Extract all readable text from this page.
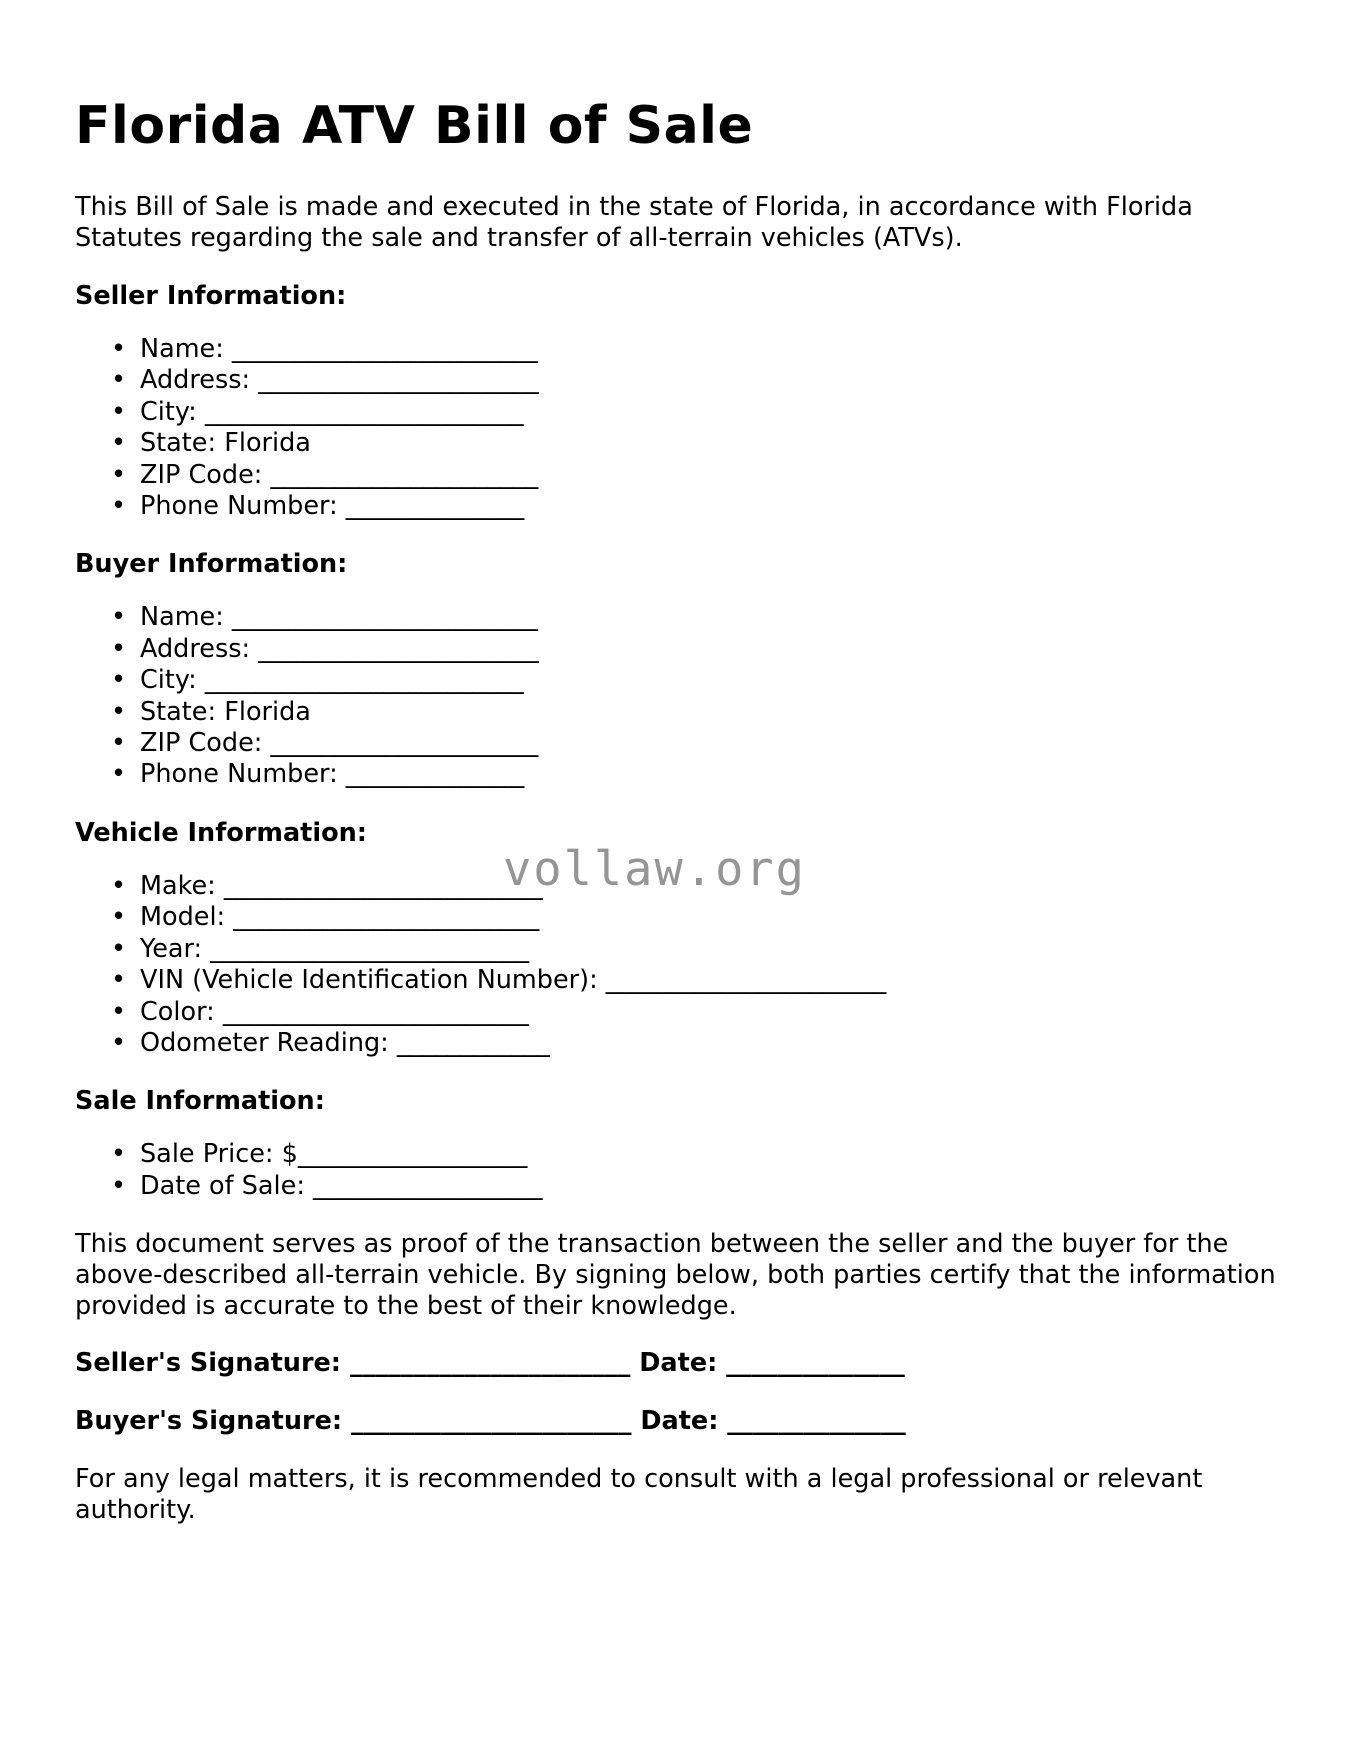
Florida ATV Bill of Sale

This Bill of Sale is made and executed in the state of Florida, in accordance with Florida Statutes regarding the sale and transfer of all-terrain vehicles (ATVs).

Seller Information:
• Name: ________________________
• Address: ______________________
• City: _________________________
• State: Florida
• ZIP Code: _____________________
• Phone Number: ______________
Buyer Information:
• Name: ________________________
• Address: ______________________
• City: _________________________
• State: Florida
• ZIP Code: _____________________
• Phone Number: ______________
Vehicle Information:
• Make: _________________________
• Model: ________________________
• Year: _________________________
• VIN (Vehicle Identification Number): ______________________
• Color: ________________________
• Odometer Reading: ____________
Sale Information:
• Sale Price: $__________________
• Date of Sale: __________________

This document serves as proof of the transaction between the seller and the buyer for the above-described all-terrain vehicle. By signing below, both parties certify that the information provided is accurate to the best of their knowledge.

Seller's Signature: ______________________ Date: ______________
Buyer's Signature: ______________________ Date: ______________

For any legal matters, it is recommended to consult with a legal professional or relevant authority.

vollaw.org
